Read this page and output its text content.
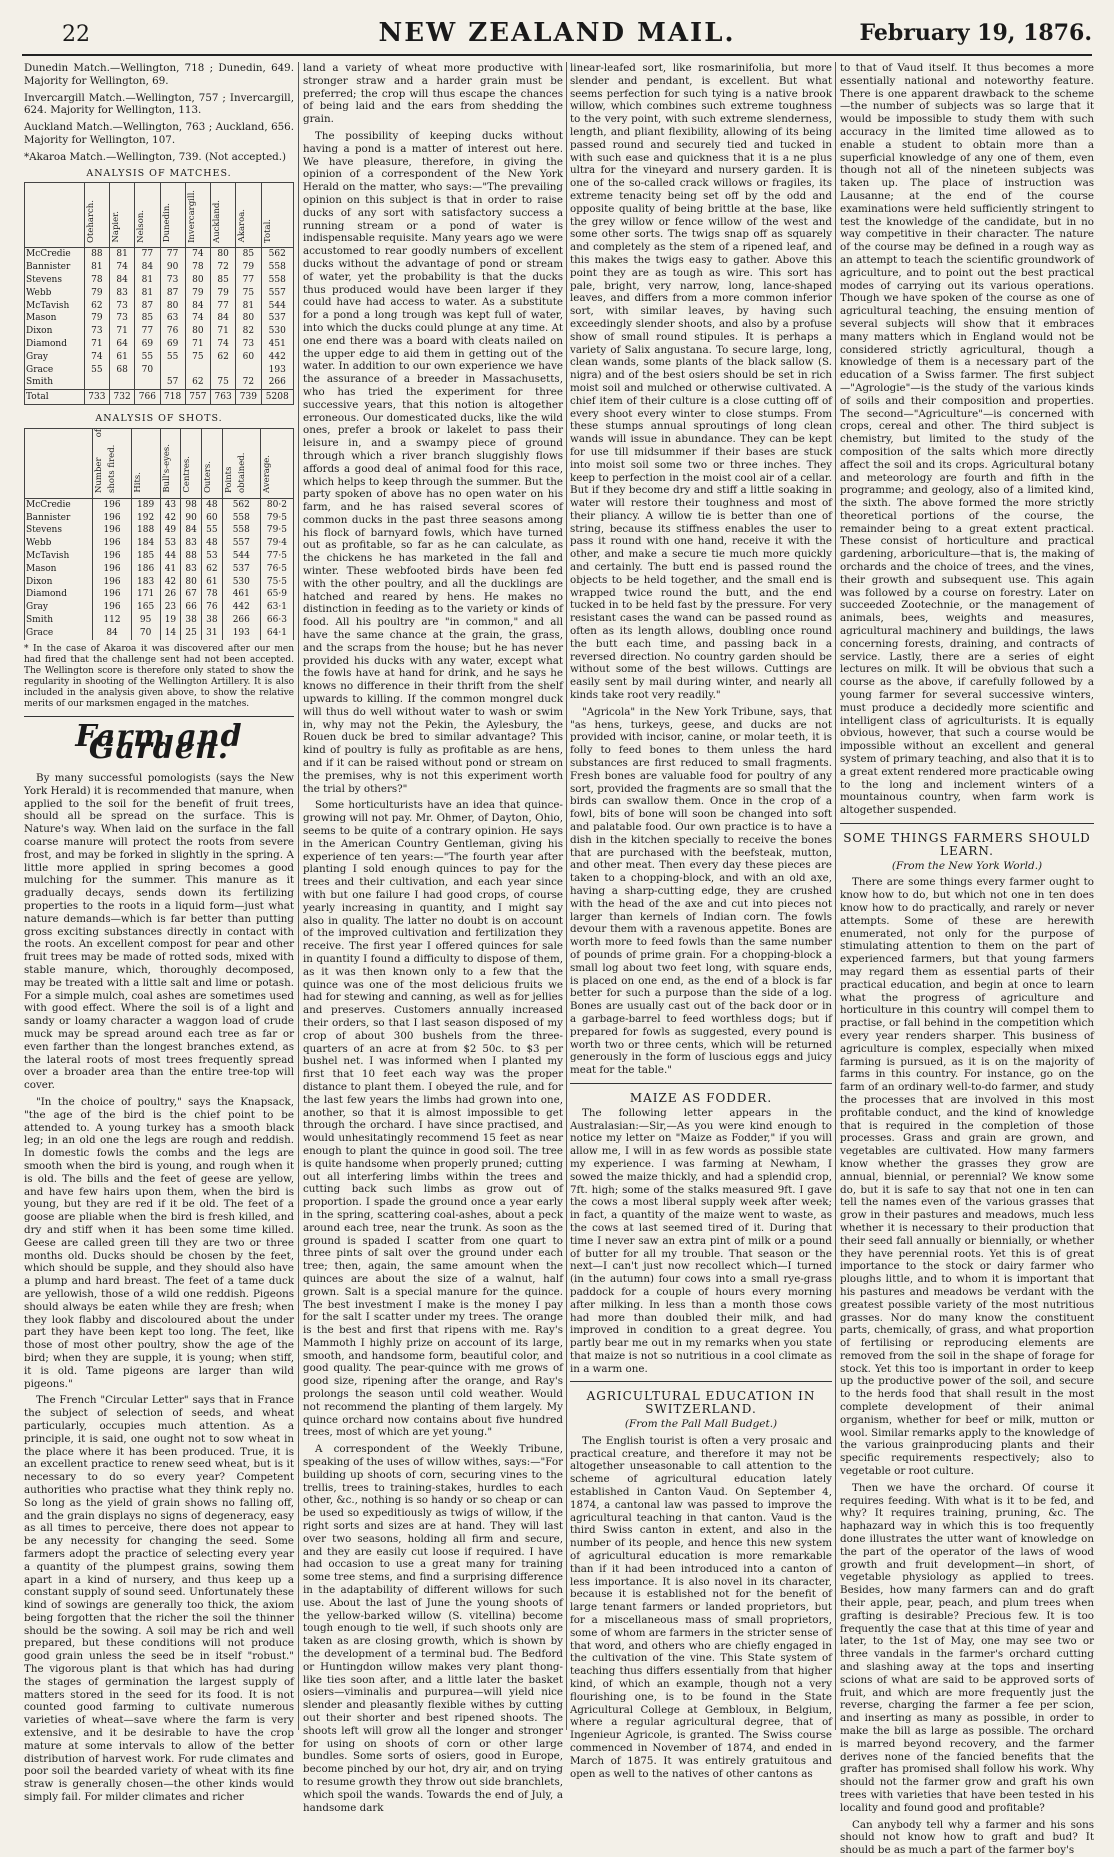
22	NEW ZEALAND MAIL.	February 19, 1876.

Dunedin Match.—Wellington, 718 ; Dunedin, 649. Majority for Wellington, 69.

Invercargill Match.—Wellington, 757 ; Invercargill, 624. Majority for Wellington, 113.

Auckland Match.—Wellington, 763 ; Auckland, 656. Majority for Wellington, 107.

*Akaroa Match.—Wellington, 739. (Not accepted.)

ANALYSIS OF MATCHES.
	Oteharch.	Napier.	Nelson.	Dunedin.	Invercargill.	Auckland.	Akaroa.	Total.
McCredie	88	81	77	77	74	80	85	562
Bannister	81	74	84	90	78	72	79	558
Stevens	78	84	81	73	80	85	77	558
Webb	79	83	81	87	79	79	75	557
McTavish	62	73	87	80	84	77	81	544
Mason	79	73	85	63	74	84	80	537
Dixon	73	71	77	76	80	71	82	530
Diamond	71	64	69	69	71	74	73	451
Gray	74	61	55	55	75	62	60	442
Grace	55	68	70					193
Smith				57	62	75	72	266
Total	733	732	766	718	757	763	739	5208
ANALYSIS OF SHOTS.
	Number of shots fired.	Hits.	Bull's-eyes.	Centres.	Outers.	Points obtained.	Average.
McCredie	196	189	43	98	48	562	80·2
Bannister	196	192	42	90	60	558	79·5
Stevens	196	188	49	84	55	558	79·5
Webb	196	184	53	83	48	557	79·4
McTavish	196	185	44	88	53	544	77·5
Mason	196	186	41	83	62	537	76·5
Dixon	196	183	42	80	61	530	75·5
Diamond	196	171	26	67	78	461	65·9
Gray	196	165	23	66	76	442	63·1
Smith	112	95	19	38	38	266	66·3
Grace	84	70	14	25	31	193	64·1
* In the case of Akaroa it was discovered after our men had fired that the challenge sent had not been accepted. The Wellington score is therefore only stated to show the regularity in shooting of the Wellington Artillery. It is also included in the analysis given above, to show the relative merits of our marksmen engaged in the matches.
Farm and Garden.

By many successful pomologists (says the New York Herald) it is recommended that manure, when applied to the soil for the benefit of fruit trees, should all be spread on the surface. This is Nature's way. When laid on the surface in the fall coarse manure will protect the roots from severe frost, and may be forked in slightly in the spring. A little more applied in spring becomes a good mulching for the summer. This manure as it gradually decays, sends down its fertilizing properties to the roots in a liquid form—just what nature demands—which is far better than putting gross exciting substances directly in contact with the roots. An excellent compost for pear and other fruit trees may be made of rotted sods, mixed with stable manure, which, thoroughly decomposed, may be treated with a little salt and lime or potash. For a simple mulch, coal ashes are sometimes used with good effect. Where the soil is of a light and sandy or loamy character a waggon load of crude muck may be spread around each tree as far or even farther than the longest branches extend, as the lateral roots of most trees frequently spread over a broader area than the entire tree-top will cover.

"In the choice of poultry," says the Knapsack, "the age of the bird is the chief point to be attended to. A young turkey has a smooth black leg; in an old one the legs are rough and reddish. In domestic fowls the combs and the legs are smooth when the bird is young, and rough when it is old. The bills and the feet of geese are yellow, and have few hairs upon them, when the bird is young, but they are red if it be old. The feet of a goose are pliable when the bird is fresh killed, and dry and stiff when it has been some time killed. Geese are called green till they are two or three months old. Ducks should be chosen by the feet, which should be supple, and they should also have a plump and hard breast. The feet of a tame duck are yellowish, those of a wild one reddish. Pigeons should always be eaten while they are fresh; when they look flabby and discoloured about the under part they have been kept too long. The feet, like those of most other poultry, show the age of the bird; when they are supple, it is young; when stiff, it is old. Tame pigeons are larger than wild pigeons."

The French "Circular Letter" says that in France the subject of selection of seeds, and wheat particularly, occupies much attention. As a principle, it is said, one ought not to sow wheat in the place where it has been produced. True, it is an excellent practice to renew seed wheat, but is it necessary to do so every year? Competent authorities who practise what they think reply no. So long as the yield of grain shows no falling off, and the grain displays no signs of degeneracy, easy as all times to perceive, there does not appear to be any necessity for changing the seed. Some farmers adopt the practice of selecting every year a quantity of the plumpest grains, sowing them apart in a kind of nursery, and thus keep up a constant supply of sound seed. Unfortunately these kind of sowings are generally too thick, the axiom being forgotten that the richer the soil the thinner should be the sowing. A soil may be rich and well prepared, but these conditions will not produce good grain unless the seed be in itself "robust." The vigorous plant is that which has had during the stages of germination the largest supply of matters stored in the seed for its food. It is not counted good farming to cultivate numerous varieties of wheat—save where the farm is very extensive, and it be desirable to have the crop mature at some intervals to allow of the better distribution of harvest work. For rude climates and poor soil the bearded variety of wheat with its fine straw is generally chosen—the other kinds would simply fail. For milder climates and richer

land a variety of wheat more productive with stronger straw and a harder grain must be preferred; the crop will thus escape the chances of being laid and the ears from shedding the grain.

The possibility of keeping ducks without having a pond is a matter of interest out here. We have pleasure, therefore, in giving the opinion of a correspondent of the New York Herald on the matter, who says:—"The prevailing opinion on this subject is that in order to raise ducks of any sort with satisfactory success a running stream or a pond of water is indispensable requisite. Many years ago we were accustomed to rear goodly numbers of excellent ducks without the advantage of pond or stream of water, yet the probability is that the ducks thus produced would have been larger if they could have had access to water. As a substitute for a pond a long trough was kept full of water, into which the ducks could plunge at any time. At one end there was a board with cleats nailed on the upper edge to aid them in getting out of the water. In addition to our own experience we have the assurance of a breeder in Massachusetts, who has tried the experiment for three successive years, that this notion is altogether erroneous. Our domesticated ducks, like the wild ones, prefer a brook or lakelet to pass their leisure in, and a swampy piece of ground through which a river branch sluggishly flows affords a good deal of animal food for this race, which helps to keep through the summer. But the party spoken of above has no open water on his farm, and he has raised several scores of common ducks in the past three seasons among his flock of barnyard fowls, which have turned out as profitable, so far as he can calculate, as the chickens he has marketed in the fall and winter. These webfooted birds have been fed with the other poultry, and all the ducklings are hatched and reared by hens. He makes no distinction in feeding as to the variety or kinds of food. All his poultry are "in common," and all have the same chance at the grain, the grass, and the scraps from the house; but he has never provided his ducks with any water, except what the fowls have at hand for drink, and he says he knows no difference in their thrift from the shelf upwards to killing. If the common mongrel duck will thus do well without water to wash or swim in, why may not the Pekin, the Aylesbury, the Rouen duck be bred to similar advantage? This kind of poultry is fully as profitable as are hens, and if it can be raised without pond or stream on the premises, why is not this experiment worth the trial by others?"

Some horticulturists have an idea that quince-growing will not pay. Mr. Ohmer, of Dayton, Ohio, seems to be quite of a contrary opinion. He says in the American Country Gentleman, giving his experience of ten years:—"The fourth year after planting I sold enough quinces to pay for the trees and their cultivation, and each year since with but one failure I had good crops, of course yearly increasing in quantity, and I might say also in quality. The latter no doubt is on account of the improved cultivation and fertilization they receive. The first year I offered quinces for sale in quantity I found a difficulty to dispose of them, as it was then known only to a few that the quince was one of the most delicious fruits we had for stewing and canning, as well as for jellies and preserves. Customers annually increased their orders, so that I last season disposed of my crop of about 300 bushels from the three-quarters of an acre at from $2 50c. to $3 per bushel net. I was informed when I planted my first that 10 feet each way was the proper distance to plant them. I obeyed the rule, and for the last few years the limbs had grown into one, another, so that it is almost impossible to get through the orchard. I have since practised, and would unhesitatingly recommend 15 feet as near enough to plant the quince in good soil. The tree is quite handsome when properly pruned; cutting out all interfering limbs within the trees and cutting back such limbs as grow out of proportion. I spade the ground once a year early in the spring, scattering coal-ashes, about a peck around each tree, near the trunk. As soon as the ground is spaded I scatter from one quart to three pints of salt over the ground under each tree; then, again, the same amount when the quinces are about the size of a walnut, half grown. Salt is a special manure for the quince. The best investment I make is the money I pay for the salt I scatter under my trees. The orange is the best and first that ripens with me. Ray's Mammoth I highly prize on account of its large, smooth, and handsome form, beautiful color, and good quality. The pear-quince with me grows of good size, ripening after the orange, and Ray's prolongs the season until cold weather. Would not recommend the planting of them largely. My quince orchard now contains about five hundred trees, most of which are yet young."

A correspondent of the Weekly Tribune, speaking of the uses of willow withes, says:—"For building up shoots of corn, securing vines to the trellis, trees to training-stakes, hurdles to each other, &c., nothing is so handy or so cheap or can be used so expeditiously as twigs of willow, if the right sorts and sizes are at hand. They will last over two seasons, holding all firm and secure, and they are easily cut loose if required. I have had occasion to use a great many for training some tree stems, and find a surprising difference in the adaptability of different willows for such use. About the last of June the young shoots of the yellow-barked willow (S. vitellina) become tough enough to tie well, if such shoots only are taken as are closing growth, which is shown by the development of a terminal bud. The Bedford or Huntingdon willow makes very plant thong-like ties soon after, and a little later the basket osiers—viminalis and purpurea—will yield nice slender and pleasantly flexible withes by cutting out their shorter and best ripened shoots. The shoots left will grow all the longer and stronger for using on shoots of corn or other large bundles. Some sorts of osiers, good in Europe, become pinched by our hot, dry air, and on trying to resume growth they throw out side branchlets, which spoil the wands. Towards the end of July, a handsome dark

linear-leafed sort, like rosmarinifolia, but more slender and pendant, is excellent. But what seems perfection for such tying is a native brook willow, which combines such extreme toughness to the very point, with such extreme slenderness, length, and pliant flexibility, allowing of its being passed round and securely tied and tucked in with such ease and quickness that it is a ne plus ultra for the vineyard and nursery garden. It is one of the so-called crack willows or fragiles, its extreme tenacity being set off by the odd and opposite quality of being brittle at the base, like the grey willow or fence willow of the west and some other sorts. The twigs snap off as squarely and completely as the stem of a ripened leaf, and this makes the twigs easy to gather. Above this point they are as tough as wire. This sort has pale, bright, very narrow, long, lance-shaped leaves, and differs from a more common inferior sort, with similar leaves, by having such exceedingly slender shoots, and also by a profuse show of small round stipules. It is perhaps a variety of Salix angustana. To secure large, long, clean wands, some plants of the black sallow (S. nigra) and of the best osiers should be set in rich moist soil and mulched or otherwise cultivated. A chief item of their culture is a close cutting off of every shoot every winter to close stumps. From these stumps annual sproutings of long clean wands will issue in abundance. They can be kept for use till midsummer if their bases are stuck into moist soil some two or three inches. They keep to perfection in the moist cool air of a cellar. But if they become dry and stiff a little soaking in water will restore their toughness and most of their pliancy. A willow tie is better than one of string, because its stiffness enables the user to pass it round with one hand, receive it with the other, and make a secure tie much more quickly and certainly. The butt end is passed round the objects to be held together, and the small end is wrapped twice round the butt, and the end tucked in to be held fast by the pressure. For very resistant cases the wand can be passed round as often as its length allows, doubling once round the butt each time, and passing back in a reversed direction. No country garden should be without some of the best willows. Cuttings are easily sent by mail during winter, and nearly all kinds take root very readily."

"Agricola" in the New York Tribune, says, that "as hens, turkeys, geese, and ducks are not provided with incisor, canine, or molar teeth, it is folly to feed bones to them unless the hard substances are first reduced to small fragments. Fresh bones are valuable food for poultry of any sort, provided the fragments are so small that the birds can swallow them. Once in the crop of a fowl, bits of bone will soon be changed into soft and palatable food. Our own practice is to have a dish in the kitchen specially to receive the bones that are purchased with the beefsteak, mutton, and other meat. Then every day these pieces are taken to a chopping-block, and with an old axe, having a sharp-cutting edge, they are crushed with the head of the axe and cut into pieces not larger than kernels of Indian corn. The fowls devour them with a ravenous appetite. Bones are worth more to feed fowls than the same number of pounds of prime grain. For a chopping-block a small log about two feet long, with square ends, is placed on one end, as the end of a block is far better for such a purpose than the side of a log. Bones are usually cast out of the back door or in a garbage-barrel to feed worthless dogs; but if prepared for fowls as suggested, every pound is worth two or three cents, which will be returned generously in the form of luscious eggs and juicy meat for the table."

MAIZE AS FODDER.

The following letter appears in the Australasian:—Sir,—As you were kind enough to notice my letter on "Maize as Fodder," if you will allow me, I will in as few words as possible state my experience. I was farming at Newham, I sowed the maize thickly, and had a splendid crop, 7ft. high; some of the stalks measured 9ft. I gave the cows a most liberal supply week after week; in fact, a quantity of the maize went to waste, as the cows at last seemed tired of it. During that time I never saw an extra pint of milk or a pound of butter for all my trouble. That season or the next—I can't just now recollect which—I turned (in the autumn) four cows into a small rye-grass paddock for a couple of hours every morning after milking. In less than a month those cows had more than doubled their milk, and had improved in condition to a great degree. You partly bear me out in my remarks when you state that maize is not so nutritious in a cool climate as in a warm one.

AGRICULTURAL EDUCATION IN SWITZERLAND.
(From the Pall Mall Budget.)

The English tourist is often a very prosaic and practical creature, and therefore it may not be altogether unseasonable to call attention to the scheme of agricultural education lately established in Canton Vaud. On September 4, 1874, a cantonal law was passed to improve the agricultural teaching in that canton. Vaud is the third Swiss canton in extent, and also in the number of its people, and hence this new system of agricultural education is more remarkable than if it had been introduced into a canton of less importance. It is also novel in its character, because it is established not for the benefit of large tenant farmers or landed proprietors, but for a miscellaneous mass of small proprietors, some of whom are farmers in the stricter sense of that word, and others who are chiefly engaged in the cultivation of the vine. This State system of teaching thus differs essentially from that higher kind, of which an example, though not a very flourishing one, is to be found in the State Agricultural College at Gembloux, in Belgium, where a regular agricultural degree, that of Ingenieur Agricole, is granted. The Swiss course commenced in November of 1874, and ended in March of 1875. It was entirely gratuitous and open as well to the natives of other cantons as

to that of Vaud itself. It thus becomes a more essentially national and noteworthy feature. There is one apparent drawback to the scheme—the number of subjects was so large that it would be impossible to study them with such accuracy in the limited time allowed as to enable a student to obtain more than a superficial knowledge of any one of them, even though not all of the nineteen subjects was taken up. The place of instruction was Lausanne; at the end of the course examinations were held sufficiently stringent to test the knowledge of the candidate, but in no way competitive in their character. The nature of the course may be defined in a rough way as an attempt to teach the scientific groundwork of agriculture, and to point out the best practical modes of carrying out its various operations. Though we have spoken of the course as one of agricultural teaching, the ensuing mention of several subjects will show that it embraces many matters which in England would not be considered strictly agricultural, though a knowledge of them is a necessary part of the education of a Swiss farmer. The first subject—"Agrologie"—is the study of the various kinds of soils and their composition and properties. The second—"Agriculture"—is concerned with crops, cereal and other. The third subject is chemistry, but limited to the study of the composition of the salts which more directly affect the soil and its crops. Agricultural botany and meteorology are fourth and fifth in the programme; and geology, also of a limited kind, the sixth. The above formed the more strictly theoretical portions of the course, the remainder being to a great extent practical. These consist of horticulture and practical gardening, arboriculture—that is, the making of orchards and the choice of trees, and the vines, their growth and subsequent use. This again was followed by a course on forestry. Later on succeeded Zootechnie, or the management of animals, bees, weights and measures, agricultural machinery and buildings, the laws concerning forests, draining, and contracts of service. Lastly, there are a series of eight lectures on milk. It will be obvious that such a course as the above, if carefully followed by a young farmer for several successive winters, must produce a decidedly more scientific and intelligent class of agriculturists. It is equally obvious, however, that such a course would be impossible without an excellent and general system of primary teaching, and also that it is to a great extent rendered more practicable owing to the long and inclement winters of a mountainous country, when farm work is altogether suspended.

SOME THINGS FARMERS SHOULD LEARN.
(From the New York World.)

There are some things every farmer ought to know how to do, but which not one in ten does know how to do practically, and rarely or never attempts. Some of these are herewith enumerated, not only for the purpose of stimulating attention to them on the part of experienced farmers, but that young farmers may regard them as essential parts of their practical education, and begin at once to learn what the progress of agriculture and horticulture in this country will compel them to practise, or fall behind in the competition which every year renders sharper. This business of agriculture is complex, especially when mixed farming is pursued, as it is on the majority of farms in this country. For instance, go on the farm of an ordinary well-to-do farmer, and study the processes that are involved in this most profitable conduct, and the kind of knowledge that is required in the completion of those processes. Grass and grain are grown, and vegetables are cultivated. How many farmers know whether the grasses they grow are annual, biennial, or perennial? We know some do, but it is safe to say that not one in ten can tell the names even of the various grasses that grow in their pastures and meadows, much less whether it is necessary to their production that their seed fall annually or biennially, or whether they have perennial roots. Yet this is of great importance to the stock or dairy farmer who ploughs little, and to whom it is important that his pastures and meadows be verdant with the greatest possible variety of the most nutritious grasses. Nor do many know the constituent parts, chemically, of grass, and what proportion of fertilising or reproducing elements are removed from the soil in the shape of forage for stock. Yet this too is important in order to keep up the productive power of the soil, and secure to the herds food that shall result in the most complete development of their animal organism, whether for beef or milk, mutton or wool. Similar remarks apply to the knowledge of the various grainproducing plants and their specific requirements respectively; also to vegetable or root culture.

Then we have the orchard. Of course it requires feeding. With what is it to be fed, and why? It requires training, pruning, &c. The haphazard way in which this is too frequently done illustrates the utter want of knowledge on the part of the operator of the laws of wood growth and fruit development—in short, of vegetable physiology as applied to trees. Besides, how many farmers can and do graft their apple, pear, peach, and plum trees when grafting is desirable? Precious few. It is too frequently the case that at this time of year and later, to the 1st of May, one may see two or three vandals in the farmer's orchard cutting and slashing away at the tops and inserting scions of what are said to be approved sorts of fruit, and which are more frequently just the reverse, charging the farmer a fee per scion, and inserting as many as possible, in order to make the bill as large as possible. The orchard is marred beyond recovery, and the farmer derives none of the fancied benefits that the grafter has promised shall follow his work. Why should not the farmer grow and graft his own trees with varieties that have been tested in his locality and found good and profitable?

Can anybody tell why a farmer and his sons should not know how to graft and bud? It should be as much a part of the farmer boy's
